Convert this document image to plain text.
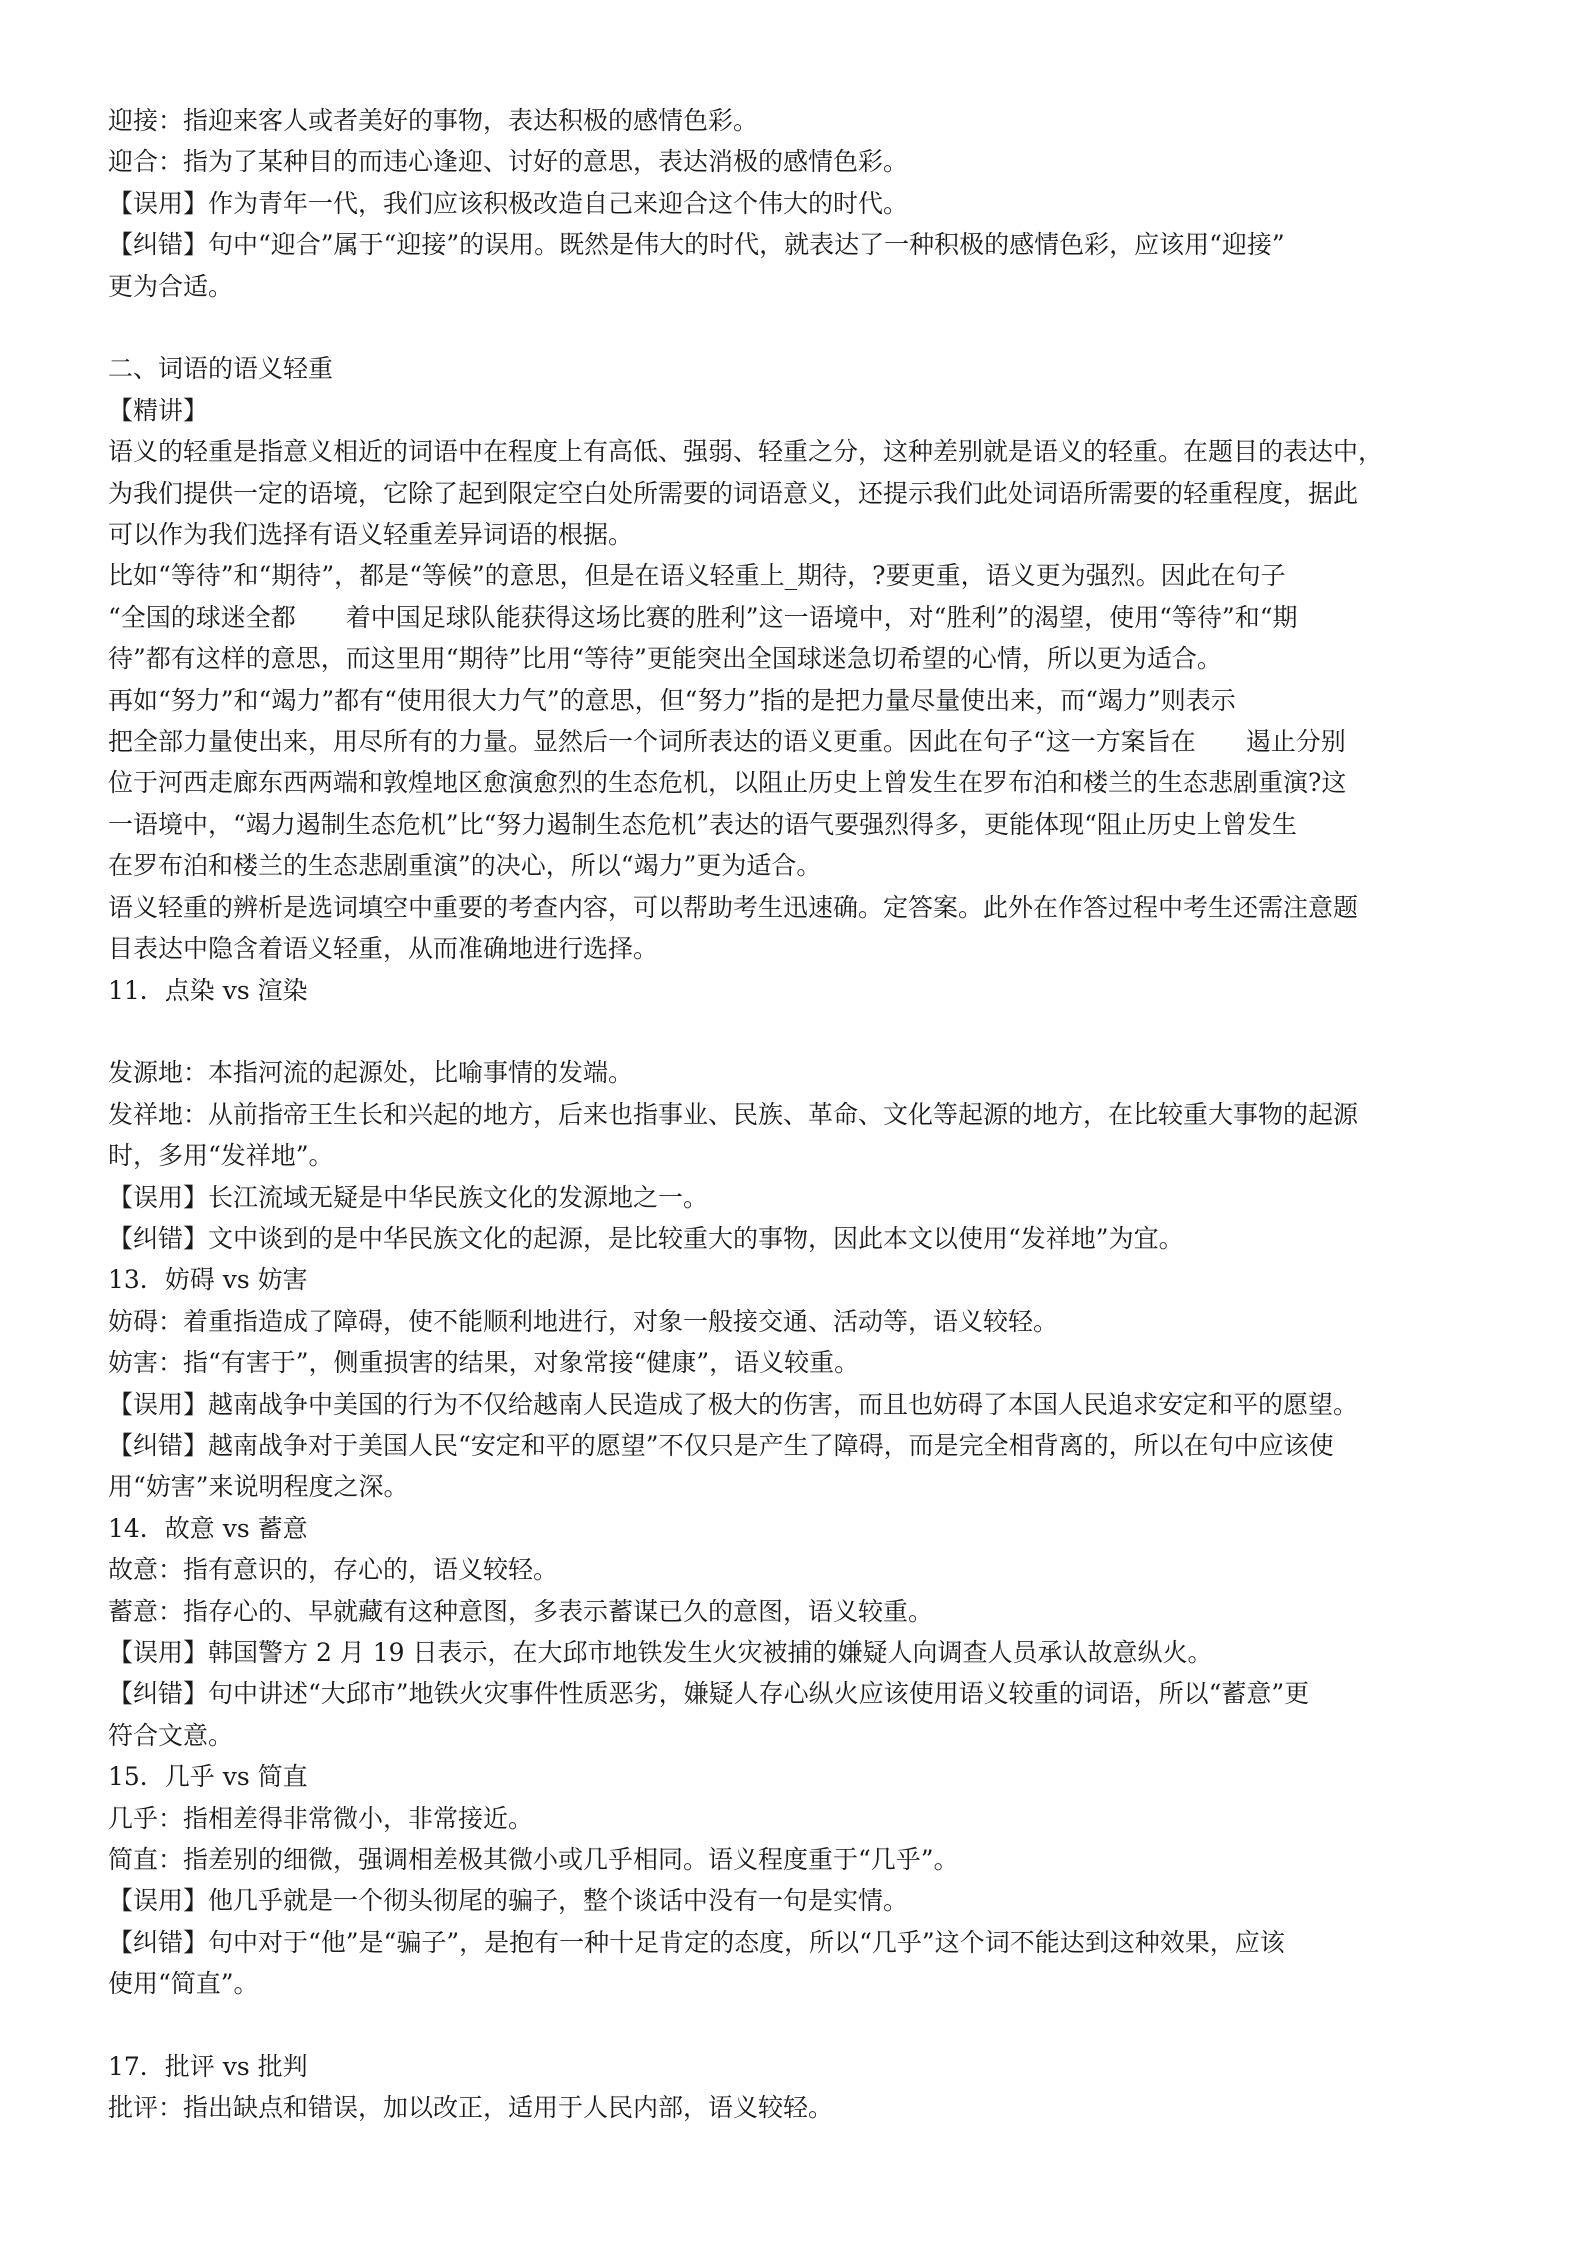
迎接：指迎来客人或者美好的事物，表达积极的感情色彩。
迎合：指为了某种目的而违心逢迎、讨好的意思，表达消极的感情色彩。
【误用】作为青年一代，我们应该积极改造自己来迎合这个伟大的时代。
【纠错】句中“迎合”属于“迎接”的误用。既然是伟大的时代，就表达了一种积极的感情色彩，应该用“迎接”
更为合适。
二、词语的语义轻重
【精讲】
语义的轻重是指意义相近的词语中在程度上有高低、强弱、轻重之分，这种差别就是语义的轻重。在题目的表达中，
为我们提供一定的语境，它除了起到限定空白处所需要的词语意义，还提示我们此处词语所需要的轻重程度，据此
可以作为我们选择有语义轻重差异词语的根据。
比如“等待”和“期待”，都是“等候”的意思，但是在语义轻重上_期待，?要更重，语义更为强烈。因此在句子
“全国的球迷全都　　着中国足球队能获得这场比赛的胜利”这一语境中，对“胜利”的渴望，使用“等待”和“期
待”都有这样的意思，而这里用“期待”比用“等待”更能突出全国球迷急切希望的心情，所以更为适合。
再如“努力”和“竭力”都有“使用很大力气”的意思，但“努力”指的是把力量尽量使出来，而“竭力”则表示
把全部力量使出来，用尽所有的力量。显然后一个词所表达的语义更重。因此在句子“这一方案旨在　　遏止分别
位于河西走廊东西两端和敦煌地区愈演愈烈的生态危机，以阻止历史上曾发生在罗布泊和楼兰的生态悲剧重演?这
一语境中，“竭力遏制生态危机”比“努力遏制生态危机”表达的语气要强烈得多，更能体现“阻止历史上曾发生
在罗布泊和楼兰的生态悲剧重演”的决心，所以“竭力”更为适合。
语义轻重的辨析是选词填空中重要的考查内容，可以帮助考生迅速确。定答案。此外在作答过程中考生还需注意题
目表达中隐含着语义轻重，从而准确地进行选择。
11．点染 vs 渲染
发源地：本指河流的起源处，比喻事情的发端。
发祥地：从前指帝王生长和兴起的地方，后来也指事业、民族、革命、文化等起源的地方，在比较重大事物的起源
时，多用“发祥地”。
【误用】长江流域无疑是中华民族文化的发源地之一。
【纠错】文中谈到的是中华民族文化的起源，是比较重大的事物，因此本文以使用“发祥地”为宜。
13．妨碍 vs 妨害
妨碍：着重指造成了障碍，使不能顺利地进行，对象一般接交通、活动等，语义较轻。
妨害：指“有害于”，侧重损害的结果，对象常接“健康”，语义较重。
【误用】越南战争中美国的行为不仅给越南人民造成了极大的伤害，而且也妨碍了本国人民追求安定和平的愿望。
【纠错】越南战争对于美国人民“安定和平的愿望”不仅只是产生了障碍，而是完全相背离的，所以在句中应该使
用“妨害”来说明程度之深。
14．故意 vs 蓄意
故意：指有意识的，存心的，语义较轻。
蓄意：指存心的、早就藏有这种意图，多表示蓄谋已久的意图，语义较重。
【误用】韩国警方 2 月 19 日表示，在大邱市地铁发生火灾被捕的嫌疑人向调查人员承认故意纵火。
【纠错】句中讲述“大邱市”地铁火灾事件性质恶劣，嫌疑人存心纵火应该使用语义较重的词语，所以“蓄意”更
符合文意。
15．几乎 vs 简直
几乎：指相差得非常微小，非常接近。
简直：指差别的细微，强调相差极其微小或几乎相同。语义程度重于“几乎”。
【误用】他几乎就是一个彻头彻尾的骗子，整个谈话中没有一句是实情。
【纠错】句中对于“他”是“骗子”，是抱有一种十足肯定的态度，所以“几乎”这个词不能达到这种效果，应该
使用“简直”。
17．批评 vs 批判
批评：指出缺点和错误，加以改正，适用于人民内部，语义较轻。
